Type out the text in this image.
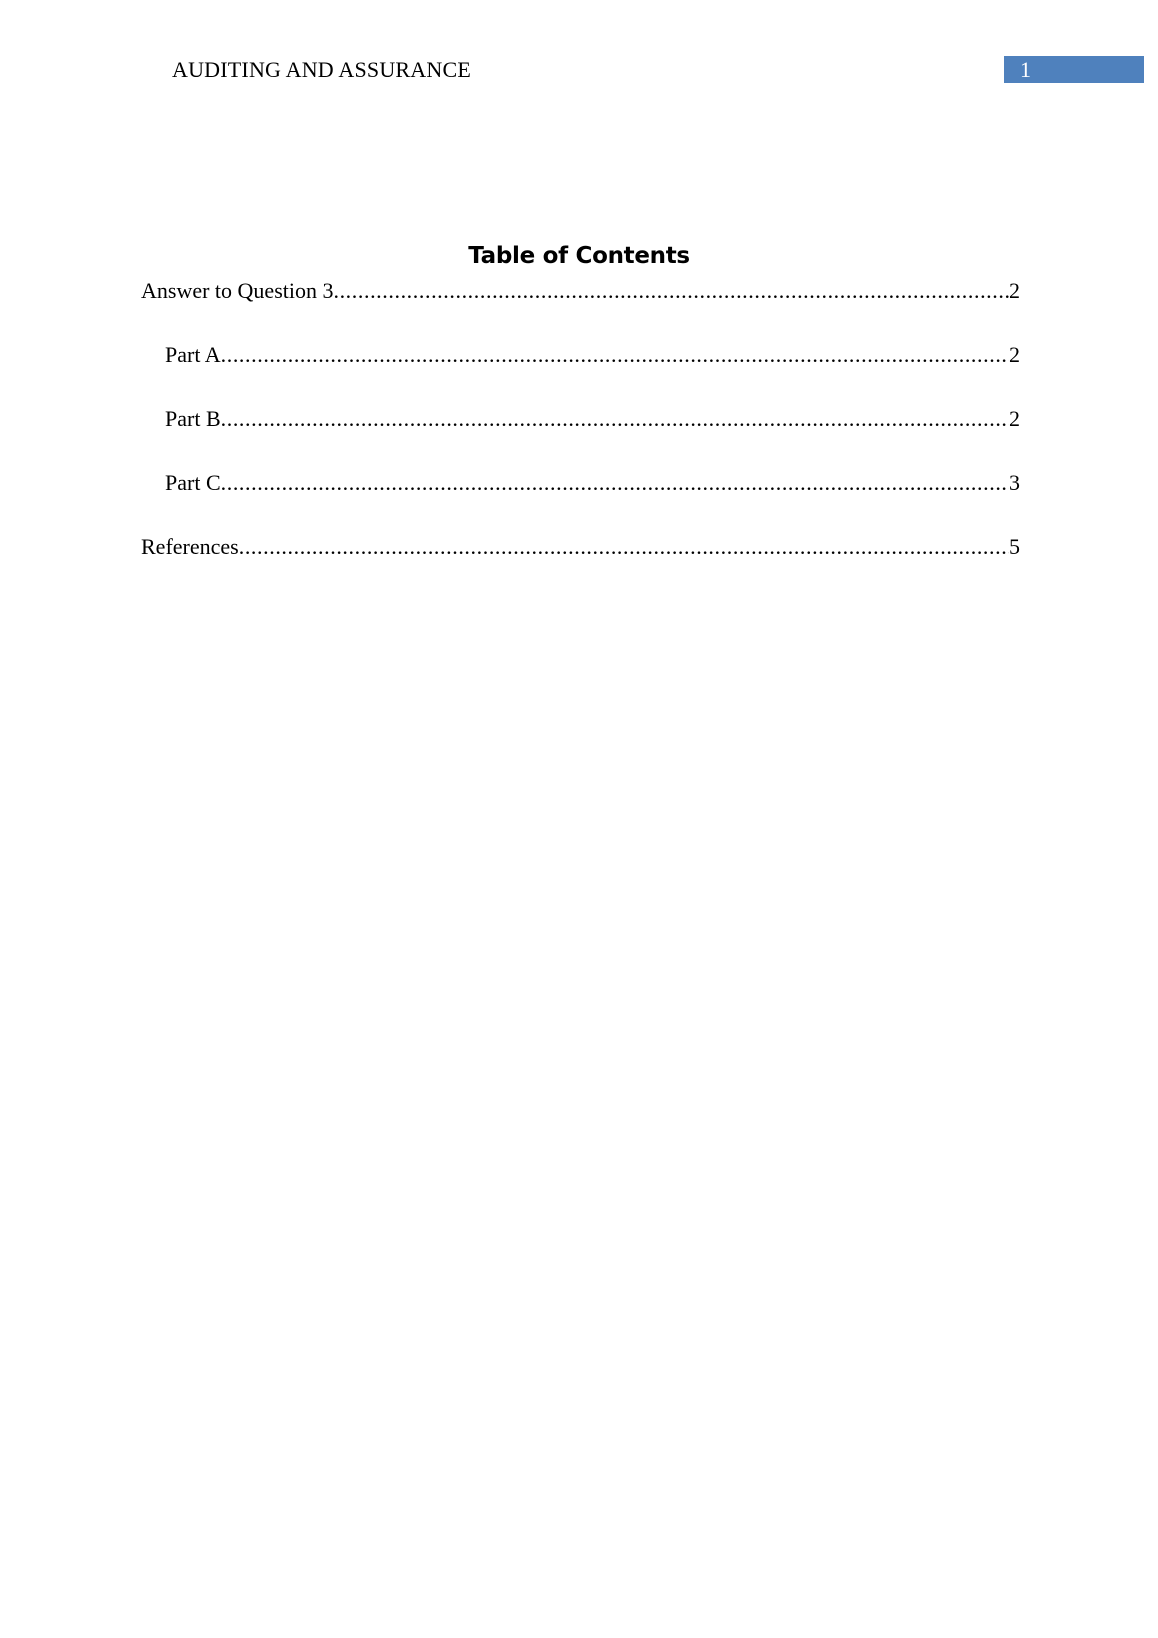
AUDITING AND ASSURANCE	1
Table of Contents
Answer to Question 3 .....	2
Part A .....	2
Part B .....	2
Part C .....	3
References .....	5
